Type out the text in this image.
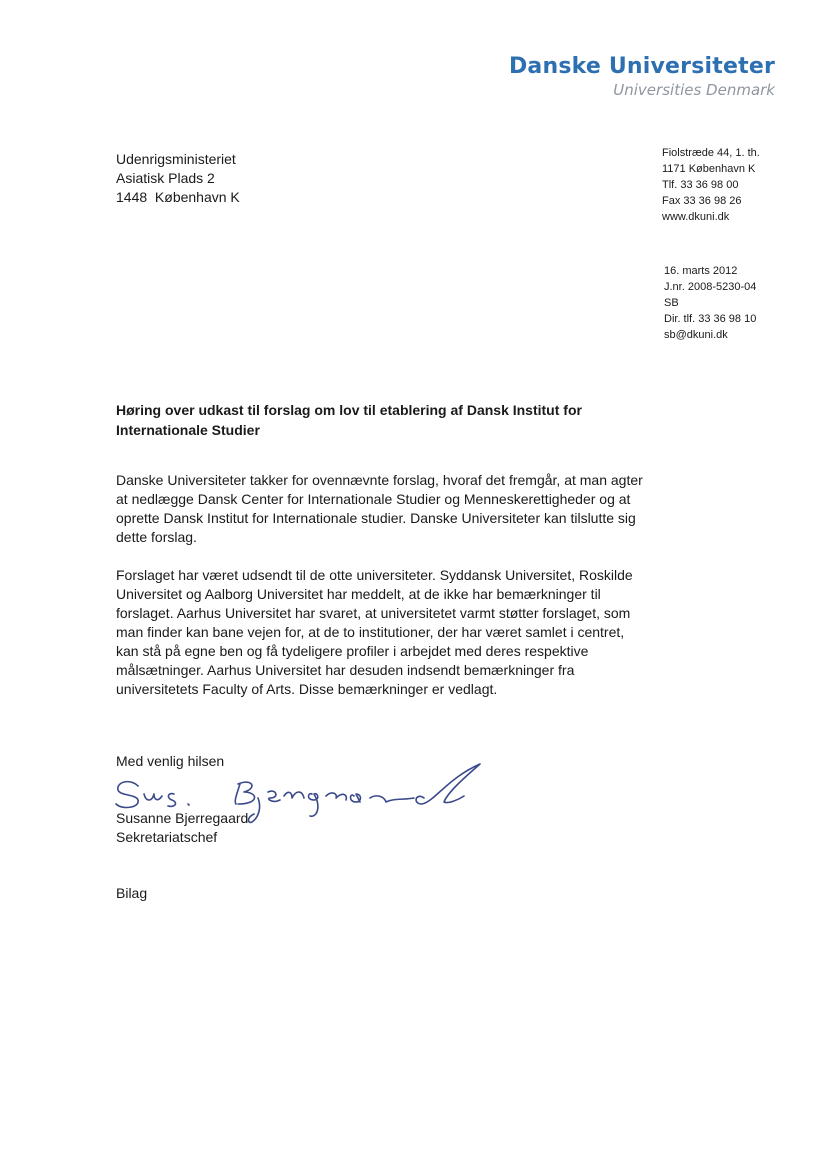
Danske Universiteter
Universities Denmark
Udenrigsministeriet
Asiatisk Plads 2
1448  København K
Fiolstræde 44, 1. th.
1171 København K
Tlf. 33 36 98 00
Fax 33 36 98 26
www.dkuni.dk
16. marts 2012
J.nr. 2008-5230-04
SB
Dir. tlf. 33 36 98 10
sb@dkuni.dk
Høring over udkast til forslag om lov til etablering af Dansk Institut for Internationale Studier

Danske Universiteter takker for ovennævnte forslag, hvoraf det fremgår, at man agter at nedlægge Dansk Center for Internationale Studier og Menneskerettigheder og at oprette Dansk Institut for Internationale studier. Danske Universiteter kan tilslutte sig dette forslag.

Forslaget har været udsendt til de otte universiteter. Syddansk Universitet, Roskilde Universitet og Aalborg Universitet har meddelt, at de ikke har bemærkninger til forslaget. Aarhus Universitet har svaret, at universitetet varmt støtter forslaget, som man finder kan bane vejen for, at de to institutioner, der har været samlet i centret, kan stå på egne ben og få tydeligere profiler i arbejdet med deres respektive målsætninger. Aarhus Universitet har desuden indsendt bemærkninger fra universitetets Faculty of Arts. Disse bemærkninger er vedlagt.

Med venlig hilsen
Susanne Bjerregaard
Sekretariatschef
Bilag
